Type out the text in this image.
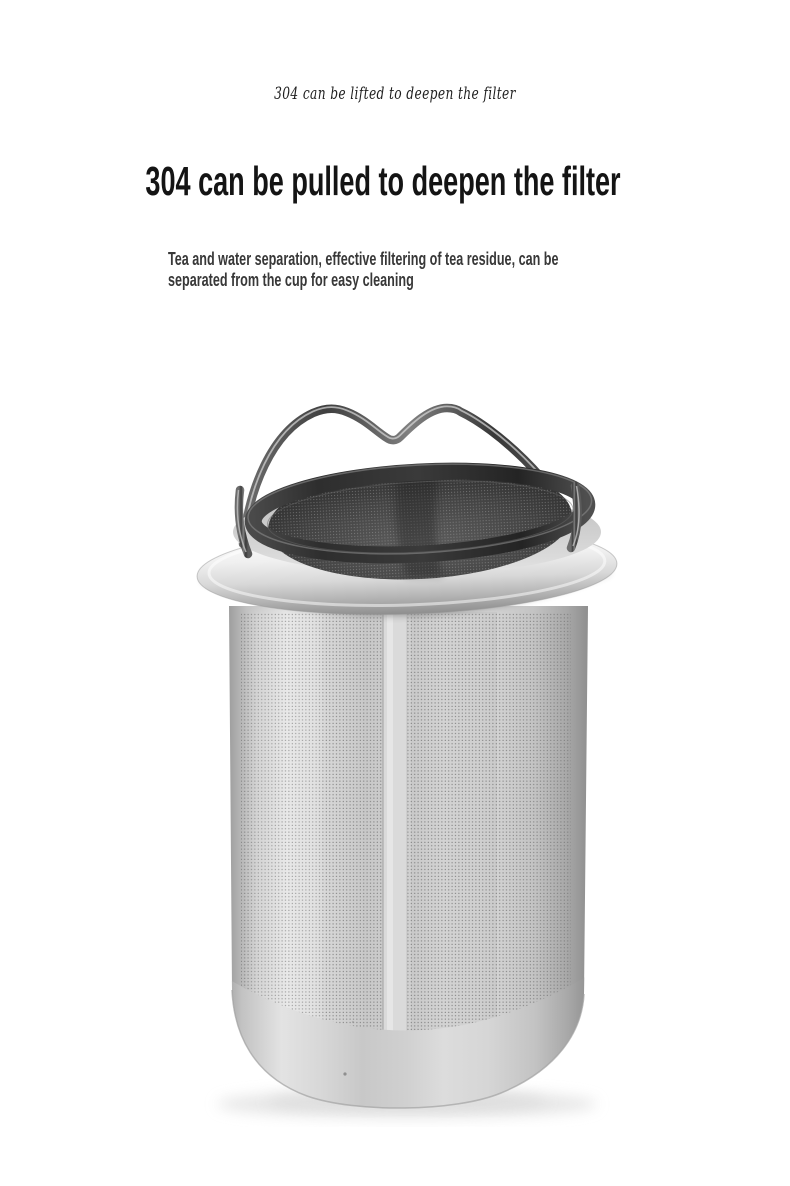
304 can be lifted to deepen the filter
304 can be pulled to deepen the filter
Tea and water separation, effective filtering of tea residue, can be
separated from the cup for easy cleaning
